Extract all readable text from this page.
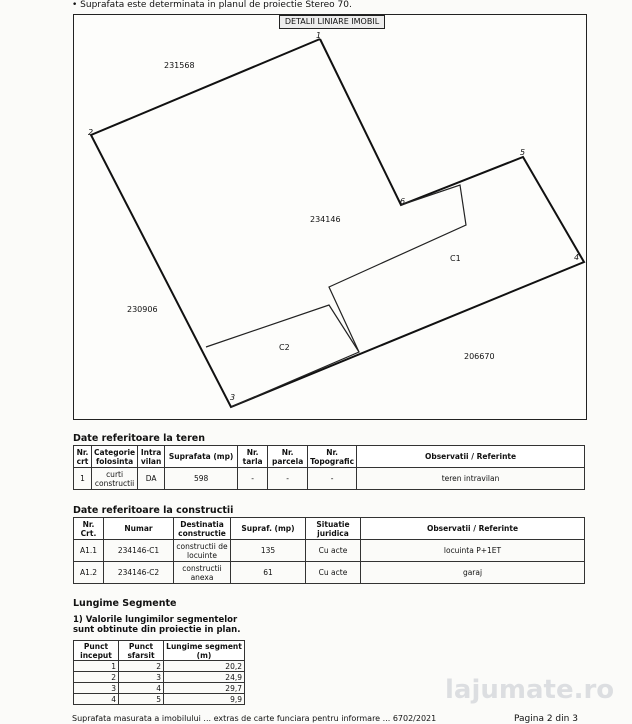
• Suprafata este determinata in planul de proiectie Stereo 70.
DETALII LINIARE IMOBIL
231568
234146
230906
206670
C1
C2
1
2
3
4
5
6
Date referitoare la teren
Nr. crt	Categorie folosinta	Intra vilan	Suprafata (mp)	Nr. tarla	Nr. parcela	Nr. Topografic	Observatii / Referinte
1	curti constructii	DA	598	-	-	-	teren intravilan
Date referitoare la constructii
Nr. Crt.	Numar	Destinatia constructie	Supraf. (mp)	Situatie juridica	Observatii / Referinte
A1.1	234146-C1	constructii de locuinte	135	Cu acte	locuinta P+1ET
A1.2	234146-C2	constructii anexa	61	Cu acte	garaj
Lungime Segmente
1) Valorile lungimilor segmentelor sunt obtinute din proiectie in plan.
Punct inceput	Punct sfarsit	Lungime segment (m)
1	2	20,2
2	3	24,9
3	4	29,7
4	5	9,9	lajumate.ro
Suprafata masurata a imobilului ... extras de carte funciara pentru informare ... 6702/2021	Pagina 2 din 3
